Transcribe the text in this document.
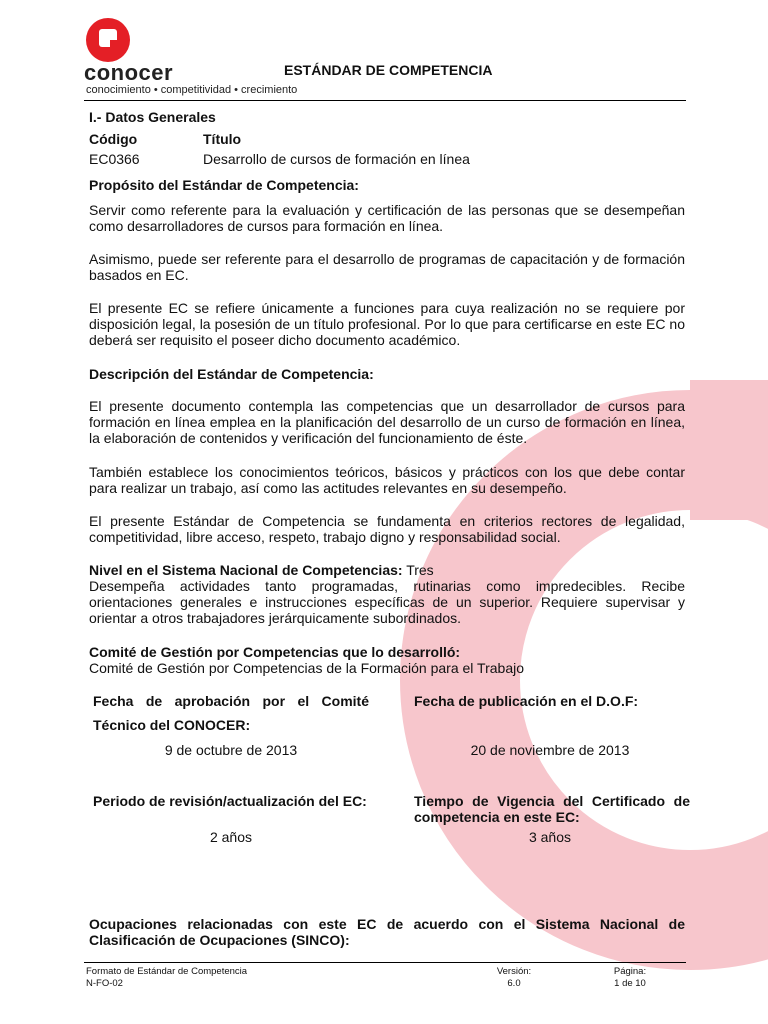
conocer
conocimiento • competitividad • crecimiento
ESTÁNDAR DE COMPETENCIA
I.- Datos Generales
Código	Título
EC0366	Desarrollo de cursos de formación en línea
Propósito del Estándar de Competencia:
Servir como referente para la evaluación y certificación de las personas que se desempeñan como desarrolladores de cursos para formación en línea.
Asimismo, puede ser referente para el desarrollo de programas de capacitación y de formación basados en EC.
El presente EC se refiere únicamente a funciones para cuya realización no se requiere por disposición legal, la posesión de un título profesional. Por lo que para certificarse en este EC no deberá ser requisito el poseer dicho documento académico.
Descripción del Estándar de Competencia:
El presente documento contempla las competencias que un desarrollador de cursos para formación en línea emplea en la planificación del desarrollo de un curso de formación en línea, la elaboración de contenidos y verificación del funcionamiento de éste.
También establece los conocimientos teóricos, básicos y prácticos con los que debe contar para realizar un trabajo, así como las actitudes relevantes en su desempeño.
El presente Estándar de Competencia se fundamenta en criterios rectores de legalidad, competitividad, libre acceso, respeto, trabajo digno y responsabilidad social.
Nivel en el Sistema Nacional de Competencias: Tres
Desempeña actividades tanto programadas, rutinarias como impredecibles. Recibe orientaciones generales e instrucciones específicas de un superior. Requiere supervisar y orientar a otros trabajadores jerárquicamente subordinados.
Comité de Gestión por Competencias que lo desarrolló:
Comité de Gestión por Competencias de la Formación para el Trabajo
Fecha de aprobación por el Comité
Técnico del CONOCER:
9 de octubre de 2013
Fecha de publicación en el D.O.F:
20 de noviembre de 2013
Periodo de revisión/actualización del EC:
2 años
Tiempo de Vigencia del Certificado de competencia en este EC:
3 años
Ocupaciones relacionadas con este EC de acuerdo con el Sistema Nacional de Clasificación de Ocupaciones (SINCO):
Formato de Estándar de Competencia
N-FO-02
Versión:
6.0
Página:
1 de 10
